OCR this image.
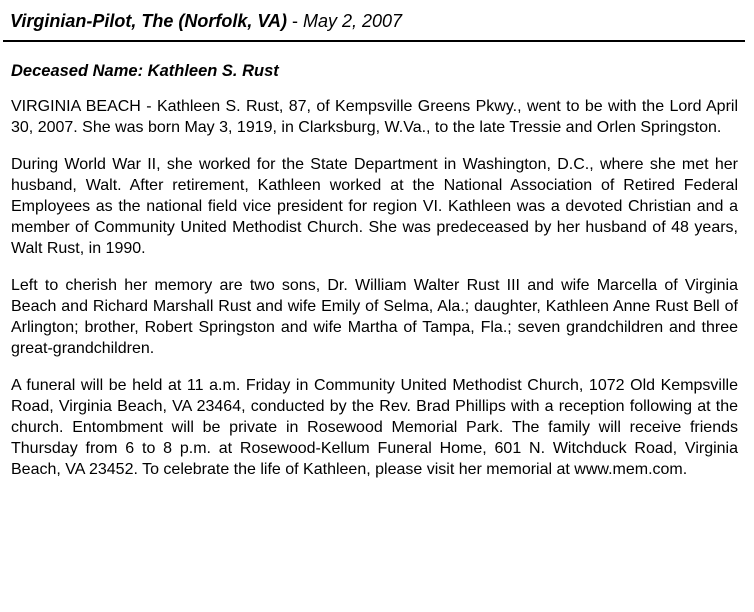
Virginian-Pilot, The (Norfolk, VA) - May 2, 2007
Deceased Name: Kathleen S. Rust

VIRGINIA BEACH - Kathleen S. Rust, 87, of Kempsville Greens Pkwy., went to be with the Lord April 30, 2007. She was born May 3, 1919, in Clarksburg, W.Va., to the late Tressie and Orlen Springston.

During World War II, she worked for the State Department in Washington, D.C., where she met her husband, Walt. After retirement, Kathleen worked at the National Association of Retired Federal Employees as the national field vice president for region VI. Kathleen was a devoted Christian and a member of Community United Methodist Church. She was predeceased by her husband of 48 years, Walt Rust, in 1990.

Left to cherish her memory are two sons, Dr. William Walter Rust III and wife Marcella of Virginia Beach and Richard Marshall Rust and wife Emily of Selma, Ala.; daughter, Kathleen Anne Rust Bell of Arlington; brother, Robert Springston and wife Martha of Tampa, Fla.; seven grandchildren and three great-grandchildren.

A funeral will be held at 11 a.m. Friday in Community United Methodist Church, 1072 Old Kempsville Road, Virginia Beach, VA 23464, conducted by the Rev. Brad Phillips with a reception following at the church. Entombment will be private in Rosewood Memorial Park. The family will receive friends Thursday from 6 to 8 p.m. at Rosewood-Kellum Funeral Home, 601 N. Witchduck Road, Virginia Beach, VA 23452. To celebrate the life of Kathleen, please visit her memorial at www.mem.com.
